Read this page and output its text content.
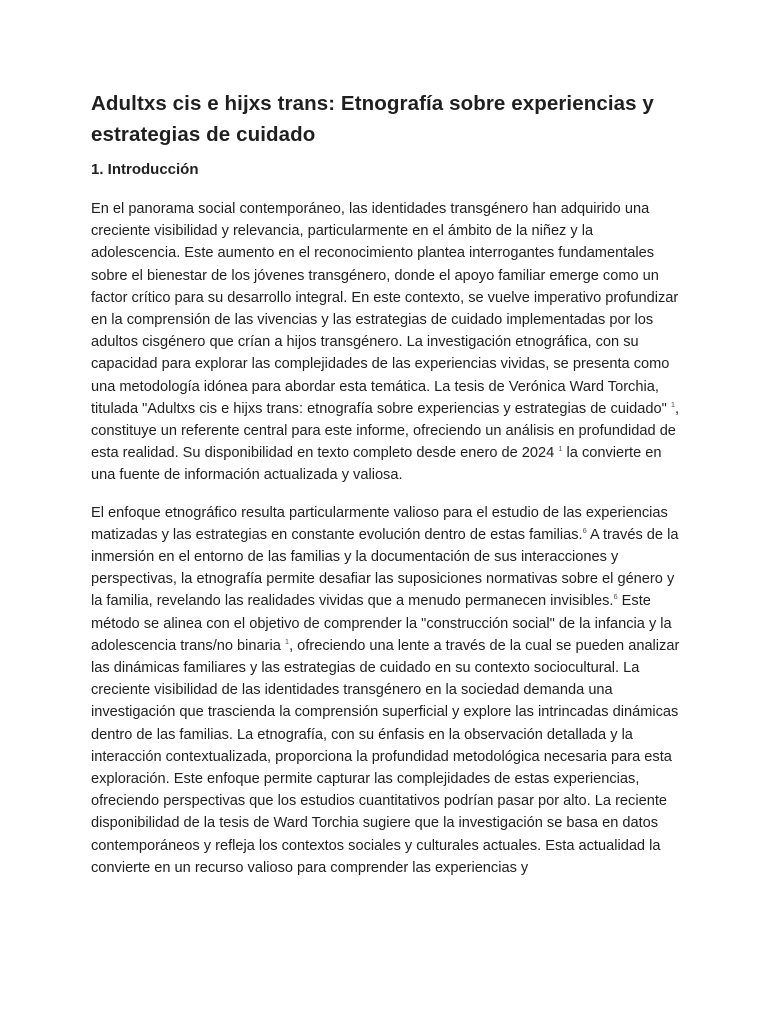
Adultxs cis e hijxs trans: Etnografía sobre experiencias y estrategias de cuidado
1. Introducción

En el panorama social contemporáneo, las identidades transgénero han adquirido una creciente visibilidad y relevancia, particularmente en el ámbito de la niñez y la adolescencia. Este aumento en el reconocimiento plantea interrogantes fundamentales sobre el bienestar de los jóvenes transgénero, donde el apoyo familiar emerge como un factor crítico para su desarrollo integral. En este contexto, se vuelve imperativo profundizar en la comprensión de las vivencias y las estrategias de cuidado implementadas por los adultos cisgénero que crían a hijos transgénero. La investigación etnográfica, con su capacidad para explorar las complejidades de las experiencias vividas, se presenta como una metodología idónea para abordar esta temática. La tesis de Verónica Ward Torchia, titulada "Adultxs cis e hijxs trans: etnografía sobre experiencias y estrategias de cuidado" $^1$, constituye un referente central para este informe, ofreciendo un análisis en profundidad de esta realidad. Su disponibilidad en texto completo desde enero de 2024 $^1$ la convierte en una fuente de información actualizada y valiosa.

El enfoque etnográfico resulta particularmente valioso para el estudio de las experiencias matizadas y las estrategias en constante evolución dentro de estas familias.$^6$ A través de la inmersión en el entorno de las familias y la documentación de sus interacciones y perspectivas, la etnografía permite desafiar las suposiciones normativas sobre el género y la familia, revelando las realidades vividas que a menudo permanecen invisibles.$^6$ Este método se alinea con el objetivo de comprender la "construcción social" de la infancia y la adolescencia trans/no binaria $^1$, ofreciendo una lente a través de la cual se pueden analizar las dinámicas familiares y las estrategias de cuidado en su contexto sociocultural. La creciente visibilidad de las identidades transgénero en la sociedad demanda una investigación que trascienda la comprensión superficial y explore las intrincadas dinámicas dentro de las familias. La etnografía, con su énfasis en la observación detallada y la interacción contextualizada, proporciona la profundidad metodológica necesaria para esta exploración. Este enfoque permite capturar las complejidades de estas experiencias, ofreciendo perspectivas que los estudios cuantitativos podrían pasar por alto. La reciente disponibilidad de la tesis de Ward Torchia sugiere que la investigación se basa en datos contemporáneos y refleja los contextos sociales y culturales actuales. Esta actualidad la convierte en un recurso valioso para comprender las experiencias y
